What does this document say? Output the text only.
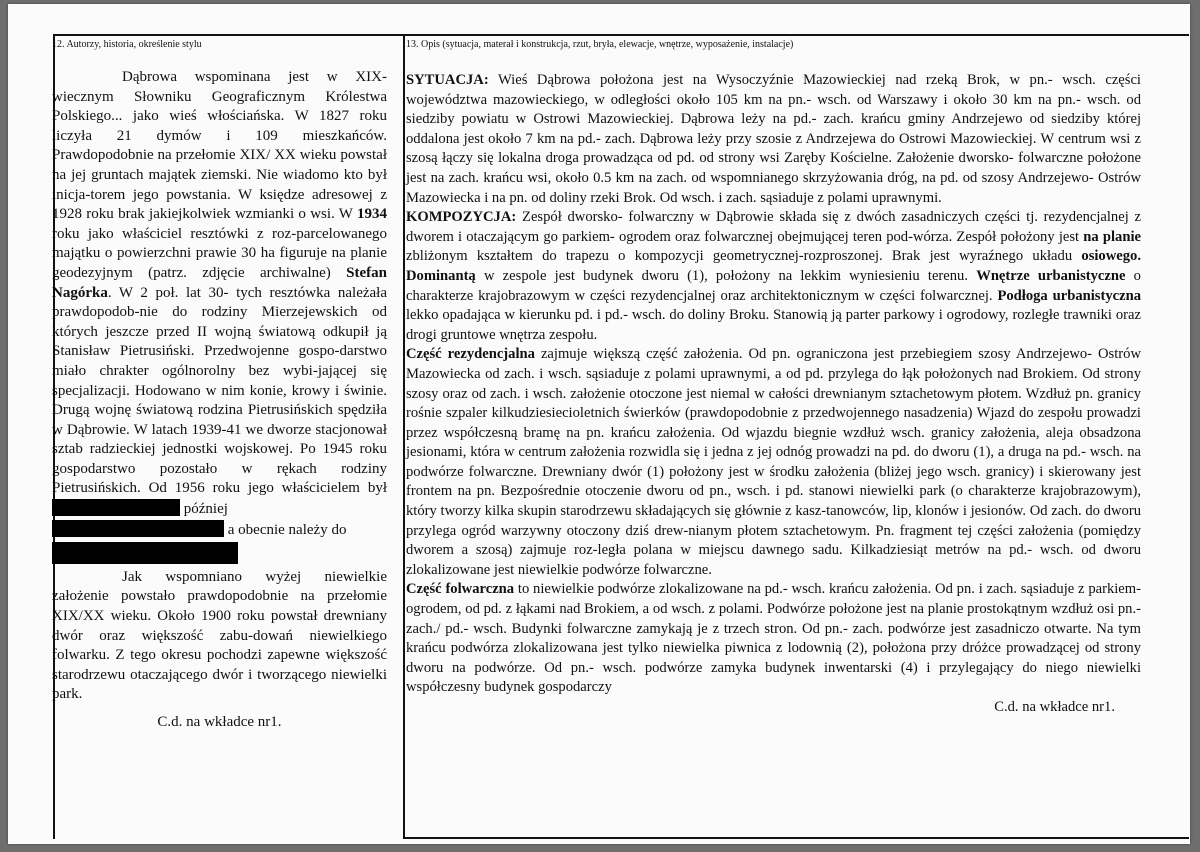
12. Autorzy, historia, określenie stylu	13. Opis (sytuacja, materał i konstrukcja, rzut, bryła, elewacje, wnętrze, wyposażenie, instalacje)

Dąbrowa wspominana jest w XIX- wiecznym Słowniku Geograficznym Królestwa Polskiego... jako wieś włościańska. W 1827 roku liczyła 21 dymów i 109 mieszkańców. Prawdopodobnie na przełomie XIX/ XX wieku powstał na jej gruntach majątek ziemski. Nie wiadomo kto był inicja-torem jego powstania. W księdze adresowej z 1928 roku brak jakiejkolwiek wzmianki o wsi. W 1934 roku jako właściciel resztówki z roz-parcelowanego majątku o powierzchni prawie 30 ha figuruje na planie geodezyjnym (patrz. zdjęcie archiwalne) Stefan Nagórka. W 2 poł. lat 30- tych resztówka należała prawdopodob-nie do rodziny Mierzejewskich od których jeszcze przed II wojną światową odkupił ją Stanisław Pietrusiński. Przedwojenne gospo-darstwo miało chrakter ogólnorolny bez wybi-jającej się specjalizacji. Hodowano w nim konie, krowy i świnie. Drugą wojnę światową rodzina Pietrusińskich spędziła w Dąbrowie. W latach 1939-41 we dworze stacjonował sztab radzieckiej jednostki wojskowej. Po 1945 roku gospodarstwo pozostało w rękach rodziny Pietrusińskich. Od 1956 roku jego właścicielem był  później
a obecnie należy do

Jak wspomniano wyżej niewielkie założenie powstało prawdopodobnie na przełomie XIX/XX wieku. Około 1900 roku powstał drewniany dwór oraz większość zabu-dowań niewielkiego folwarku. Z tego okresu pochodzi zapewne większość starodrzewu otaczającego dwór i tworzącego niewielki park.

C.d. na wkładce nr1.

SYTUACJA: Wieś Dąbrowa położona jest na Wysoczyźnie Mazowieckiej nad rzeką Brok, w pn.- wsch. części województwa mazowieckiego, w odległości około 105 km na pn.- wsch. od Warszawy i około 30 km na pn.- wsch. od siedziby powiatu w Ostrowi Mazowieckiej. Dąbrowa leży na pd.- zach. krańcu gminy Andrzejewo od siedziby której oddalona jest około 7 km na pd.- zach. Dąbrowa leży przy szosie z Andrzejewa do Ostrowi Mazowieckiej. W centrum wsi z szosą łączy się lokalna droga prowadząca od pd. od strony wsi Zaręby Kościelne. Założenie dworsko- folwarczne położone jest na zach. krańcu wsi, około 0.5 km na zach. od wspomnianego skrzyżowania dróg, na pd. od szosy Andrzejewo- Ostrów Mazowiecka i na pn. od doliny rzeki Brok. Od wsch. i zach. sąsiaduje z polami uprawnymi.

KOMPOZYCJA: Zespół dworsko- folwarczny w Dąbrowie składa się z dwóch zasadniczych części tj. rezydencjalnej z dworem i otaczającym go parkiem- ogrodem oraz folwarcznej obejmującej teren pod-wórza. Zespół położony jest na planie zbliżonym kształtem do trapezu o kompozycji geometrycznej-rozproszonej. Brak jest wyraźnego układu osiowego. Dominantą w zespole jest budynek dworu (1), położony na lekkim wyniesieniu terenu. Wnętrze urbanistyczne o charakterze krajobrazowym w części rezydencjalnej oraz architektonicznym w części folwarcznej. Podłoga urbanistyczna lekko opadająca w kierunku pd. i pd.- wsch. do doliny Broku. Stanowią ją parter parkowy i ogrodowy, rozległe trawniki oraz drogi gruntowe wnętrza zespołu.

Część rezydencjalna zajmuje większą część założenia. Od pn. ograniczona jest przebiegiem szosy Andrzejewo- Ostrów Mazowiecka od zach. i wsch. sąsiaduje z polami uprawnymi, a od pd. przylega do łąk położonych nad Brokiem. Od strony szosy oraz od zach. i wsch. założenie otoczone jest niemal w całości drewnianym sztachetowym płotem. Wzdłuż pn. granicy rośnie szpaler kilkudziesiecioletnich świerków (prawdopodobnie z przedwojennego nasadzenia) Wjazd do zespołu prowadzi przez współczesną bramę na pn. krańcu założenia. Od wjazdu biegnie wzdłuż wsch. granicy założenia, aleja obsadzona jesionami, która w centrum założenia rozwidla się i jedna z jej odnóg prowadzi na pd. do dworu (1), a druga na pd.- wsch. na podwórze folwarczne. Drewniany dwór (1) położony jest w środku założenia (bliżej jego wsch. granicy) i skierowany jest frontem na pn. Bezpośrednie otoczenie dworu od pn., wsch. i pd. stanowi niewielki park (o charakterze krajobrazowym), który tworzy kilka skupin starodrzewu składających się głównie z kasz-tanowców, lip, klonów i jesionów. Od zach. do dworu przylega ogród warzywny otoczony dziś drew-nianym płotem sztachetowym. Pn. fragment tej części założenia (pomiędzy dworem a szosą) zajmuje roz-legła polana w miejscu dawnego sadu. Kilkadziesiąt metrów na pd.- wsch. od dworu zlokalizowane jest niewielkie podwórze folwarczne.

Część folwarczna to niewielkie podwórze zlokalizowane na pd.- wsch. krańcu założenia. Od pn. i zach. sąsiaduje z parkiem- ogrodem, od pd. z łąkami nad Brokiem, a od wsch. z polami. Podwórze położone jest na planie prostokątnym wzdłuż osi pn.- zach./ pd.- wsch. Budynki folwarczne zamykają je z trzech stron. Od pn.- zach. podwórze jest zasadniczo otwarte. Na tym krańcu podwórza zlokalizowana jest tylko niewielka piwnica z lodownią (2), położona przy dróżce prowadzącej od strony dworu na podwórze. Od pn.- wsch. podwórze zamyka budynek inwentarski (4) i przylegający do niego niewielki współczesny budynek gospodarczy

C.d. na wkładce nr1.
